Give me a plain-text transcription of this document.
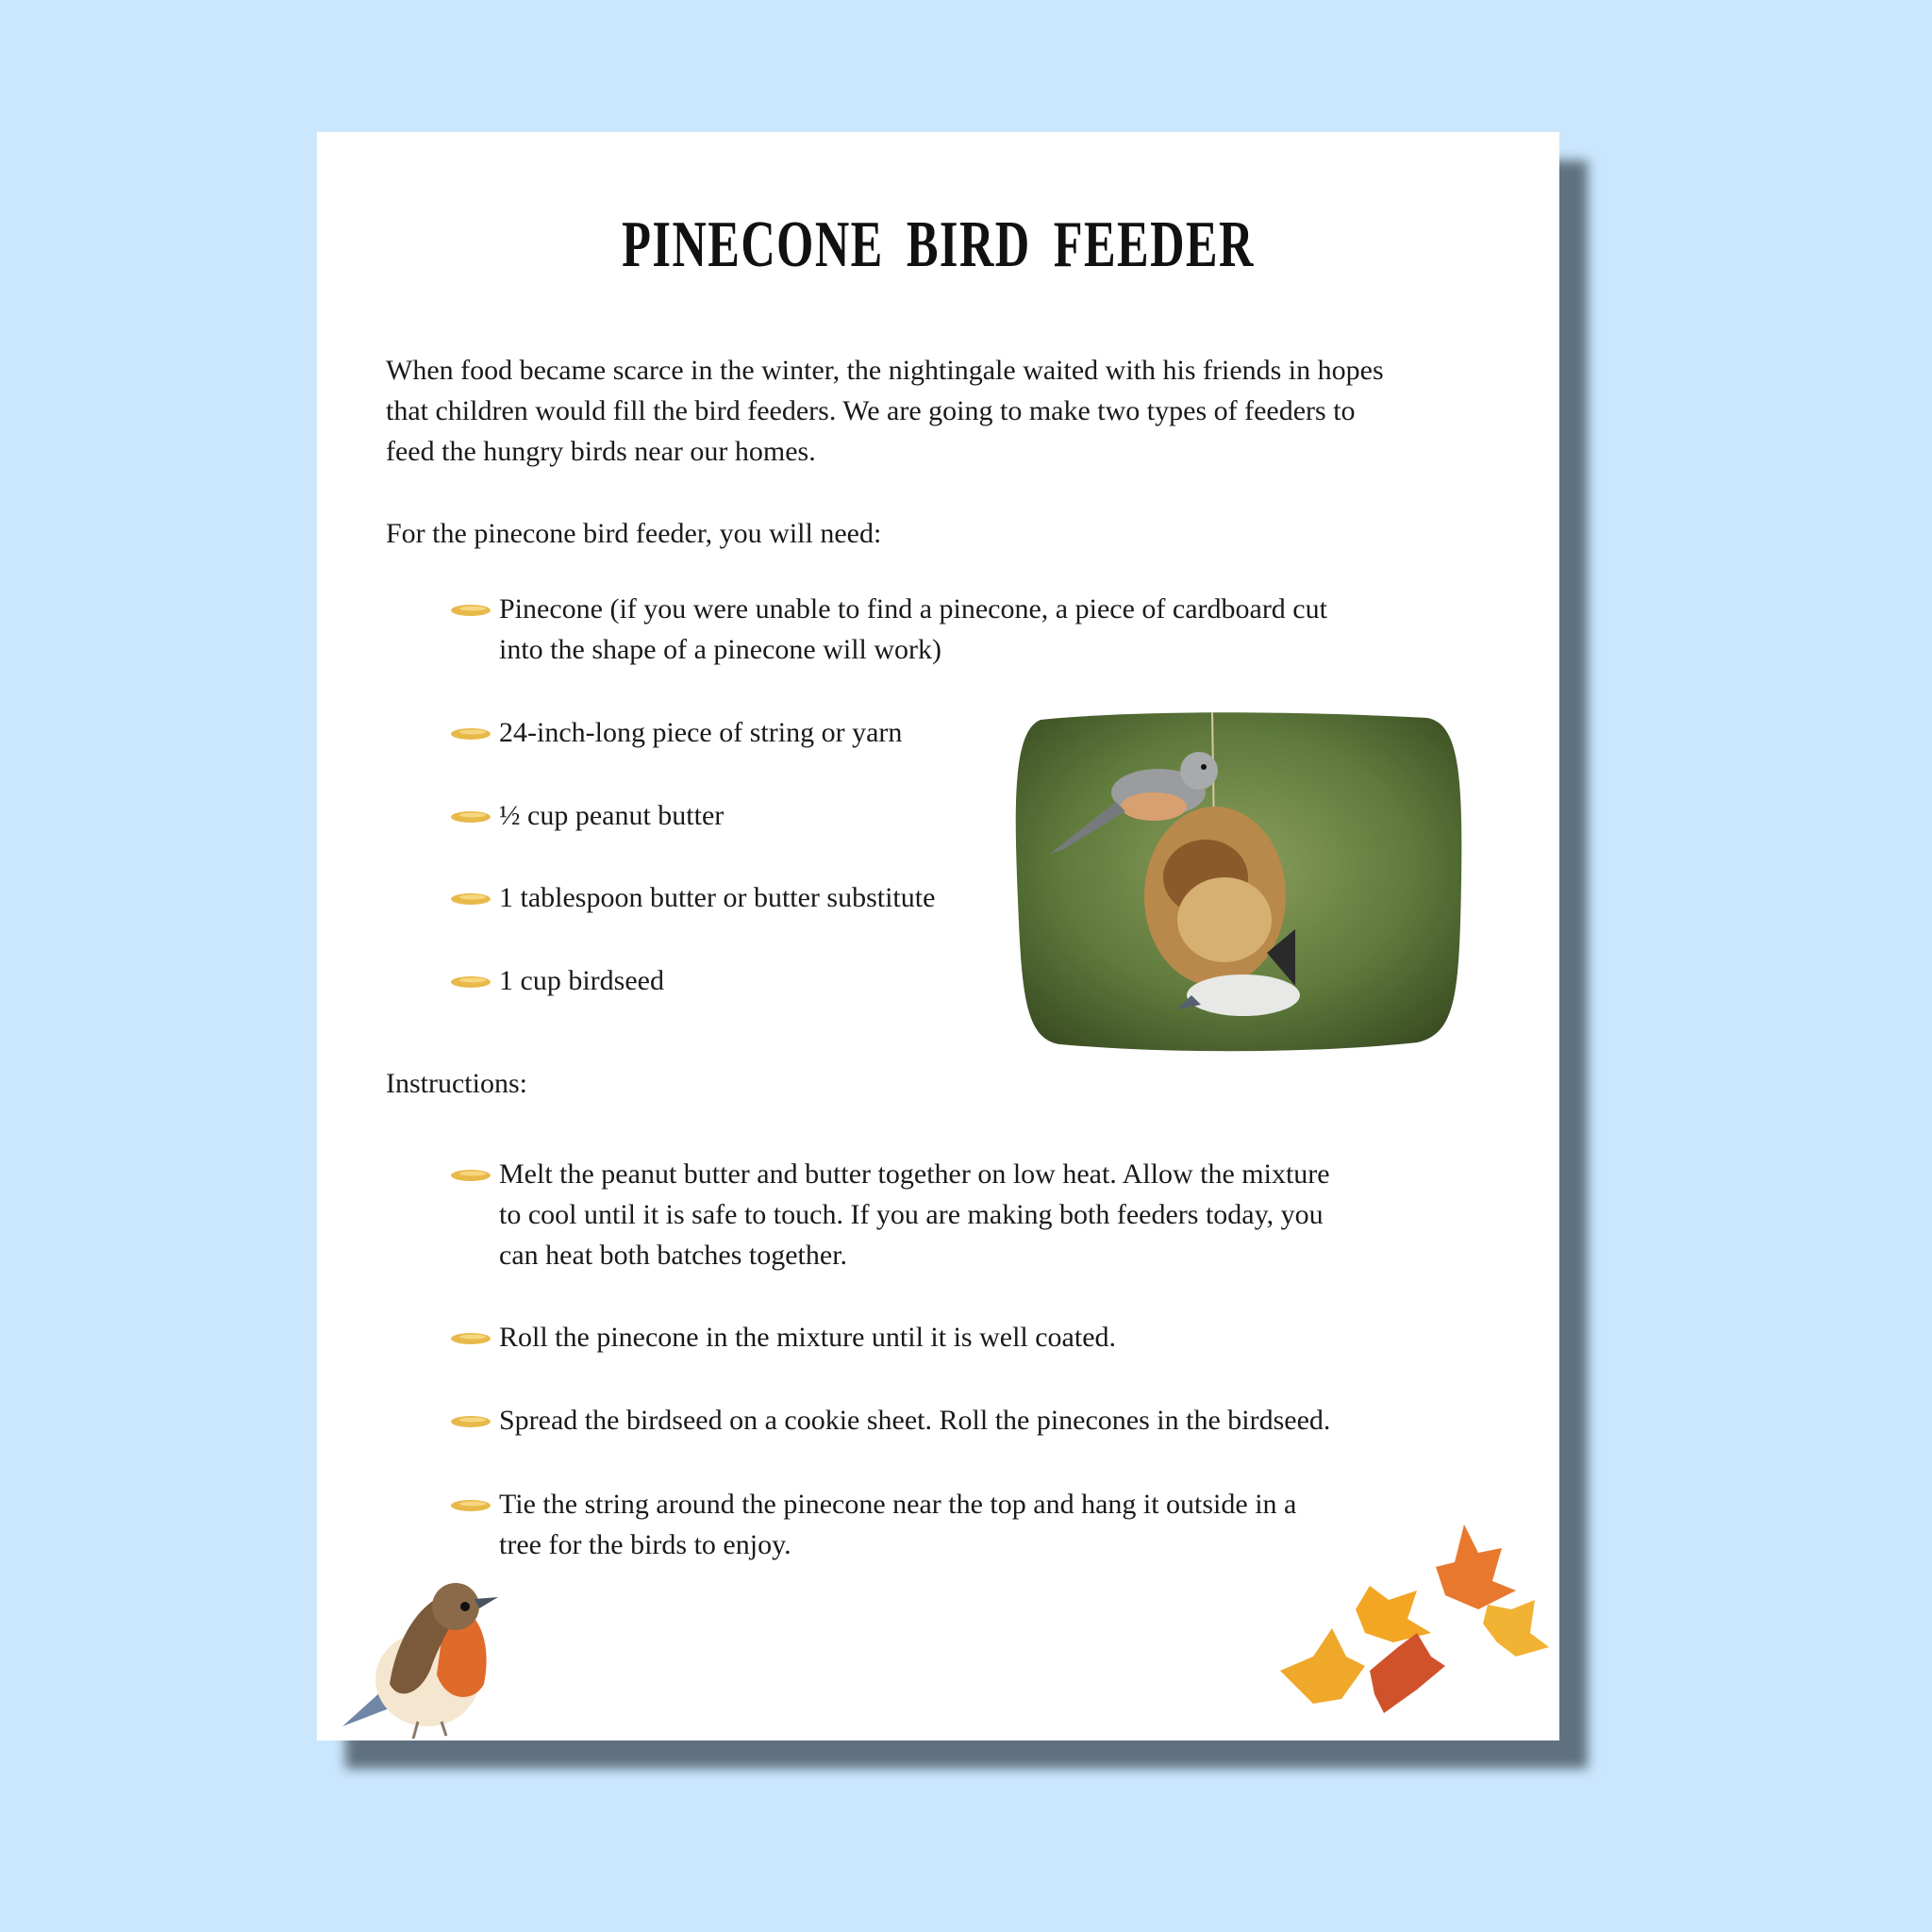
PINECONE BIRD FEEDER
When food became scarce in the winter, the nightingale waited with his friends in hopes
that children would fill the bird feeders. We are going to make two types of feeders to
feed the hungry birds near our homes.
For the pinecone bird feeder, you will need:
Pinecone (if you were unable to find a pinecone, a piece of cardboard cut
into the shape of a pinecone will work)
24-inch-long piece of string or yarn
½ cup peanut butter
1 tablespoon butter or butter substitute
1 cup birdseed
Melt the peanut butter and butter together on low heat. Allow the mixture
to cool until it is safe to touch. If you are making both feeders today, you
can heat both batches together.
Roll the pinecone in the mixture until it is well coated.
Spread the birdseed on a cookie sheet. Roll the pinecones in the birdseed.
Tie the string around the pinecone near the top and hang it outside in a
tree for the birds to enjoy.
Instructions:
